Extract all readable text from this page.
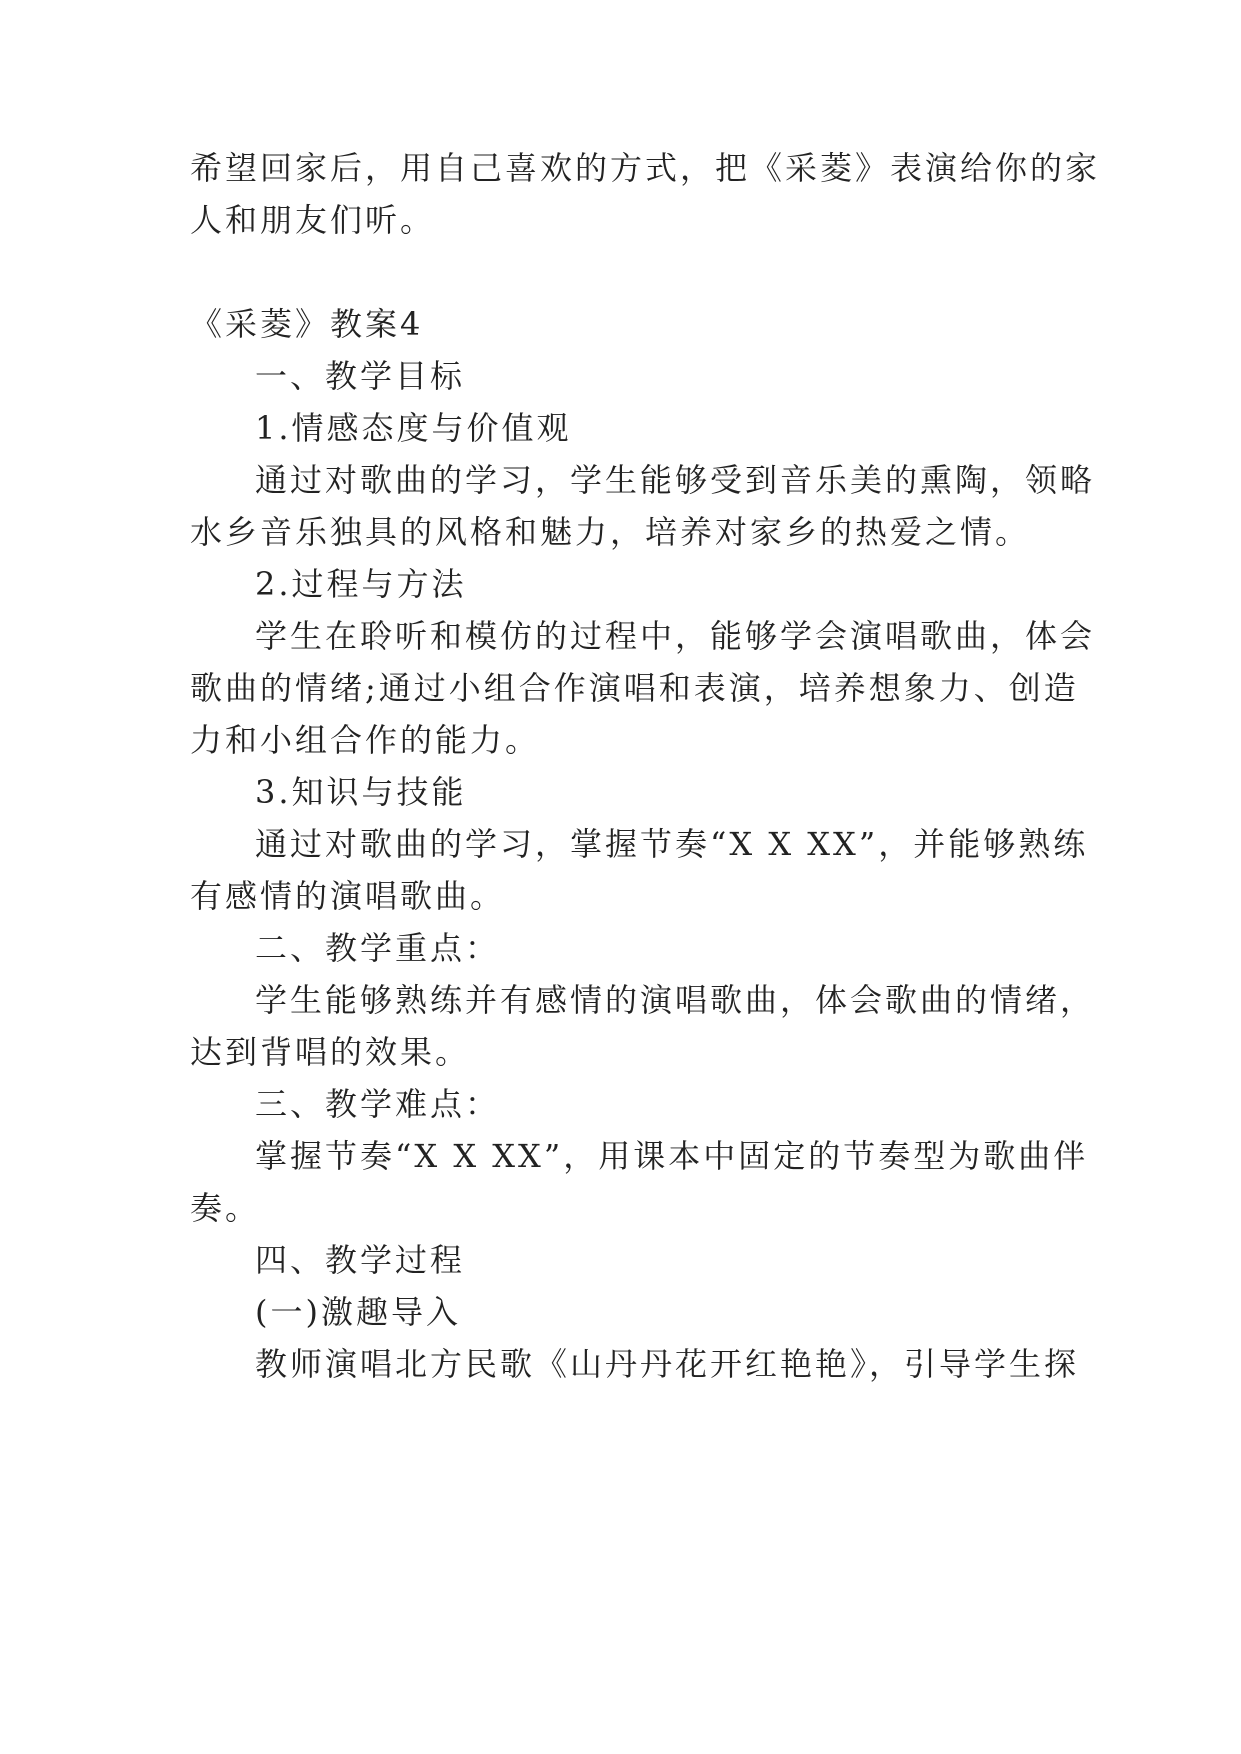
希望回家后，用自己喜欢的方式，把《采菱》表演给你的家
人和朋友们听。
《采菱》教案4
一、教学目标
1.情感态度与价值观
通过对歌曲的学习，学生能够受到音乐美的熏陶，领略
水乡音乐独具的风格和魅力，培养对家乡的热爱之情。
2.过程与方法
学生在聆听和模仿的过程中，能够学会演唱歌曲，体会
歌曲的情绪;通过小组合作演唱和表演，培养想象力、创造
力和小组合作的能力。
3.知识与技能
通过对歌曲的学习，掌握节奏“X X XX”，并能够熟练
有感情的演唱歌曲。
二、教学重点：
学生能够熟练并有感情的演唱歌曲，体会歌曲的情绪，
达到背唱的效果。
三、教学难点：
掌握节奏“X X XX”，用课本中固定的节奏型为歌曲伴
奏。
四、教学过程
(一)激趣导入
教师演唱北方民歌《山丹丹花开红艳艳》，引导学生探
